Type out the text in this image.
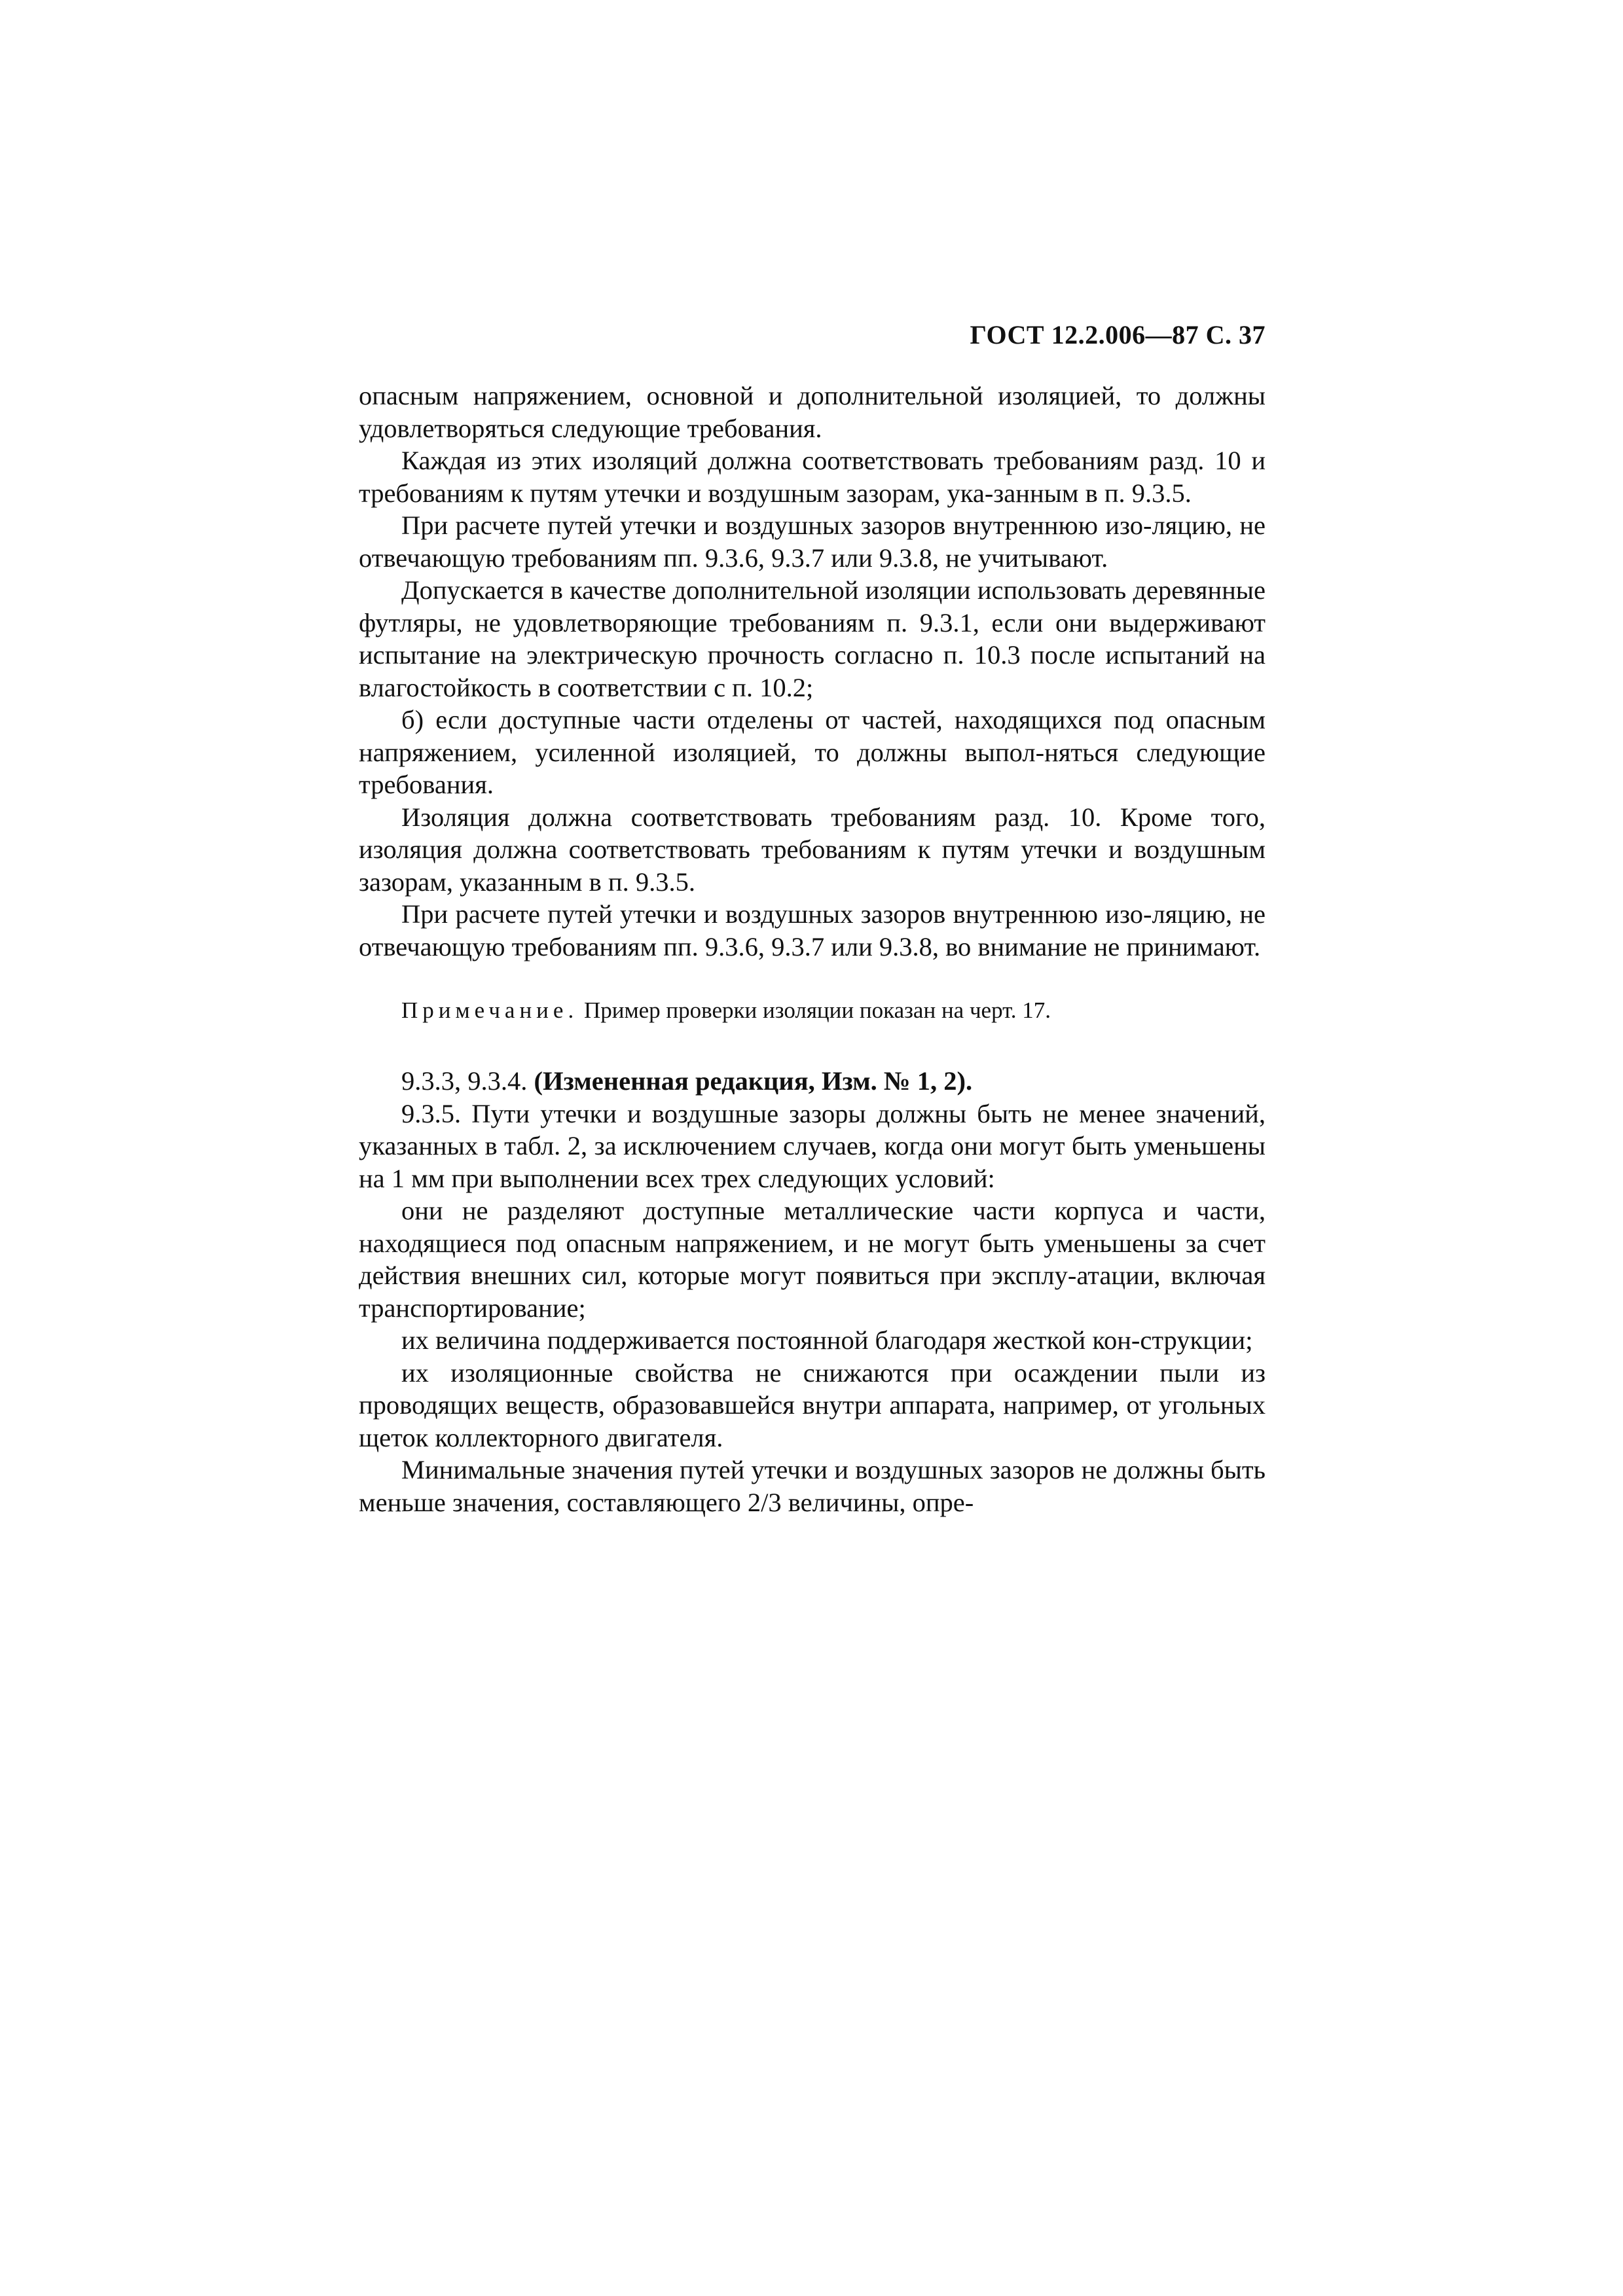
ГОСТ 12.2.006—87 С. 37

опасным напряжением, основной и дополнительной изоляцией, то должны удовлетворяться следующие требования.

Каждая из этих изоляций должна соответствовать требованиям разд. 10 и требованиям к путям утечки и воздушным зазорам, ука-занным в п. 9.3.5.

При расчете путей утечки и воздушных зазоров внутреннюю изо-ляцию, не отвечающую требованиям пп. 9.3.6, 9.3.7 или 9.3.8, не учитывают.

Допускается в качестве дополнительной изоляции использовать деревянные футляры, не удовлетворяющие требованиям п. 9.3.1, если они выдерживают испытание на электрическую прочность согласно п. 10.3 после испытаний на влагостойкость в соответствии с п. 10.2;

б) если доступные части отделены от частей, находящихся под опасным напряжением, усиленной изоляцией, то должны выпол-няться следующие требования.

Изоляция должна соответствовать требованиям разд. 10. Кроме того, изоляция должна соответствовать требованиям к путям утечки и воздушным зазорам, указанным в п. 9.3.5.

При расчете путей утечки и воздушных зазоров внутреннюю изо-ляцию, не отвечающую требованиям пп. 9.3.6, 9.3.7 или 9.3.8, во внимание не принимают.

Примечание. Пример проверки изоляции показан на черт. 17.

9.3.3, 9.3.4. (Измененная редакция, Изм. № 1, 2).

9.3.5. Пути утечки и воздушные зазоры должны быть не менее значений, указанных в табл. 2, за исключением случаев, когда они могут быть уменьшены на 1 мм при выполнении всех трех следующих условий:

они не разделяют доступные металлические части корпуса и части, находящиеся под опасным напряжением, и не могут быть уменьшены за счет действия внешних сил, которые могут появиться при эксплу-атации, включая транспортирование;

их величина поддерживается постоянной благодаря жесткой кон-струкции;

их изоляционные свойства не снижаются при осаждении пыли из проводящих веществ, образовавшейся внутри аппарата, например, от угольных щеток коллекторного двигателя.

Минимальные значения путей утечки и воздушных зазоров не должны быть меньше значения, составляющего 2/3 величины, опре-
